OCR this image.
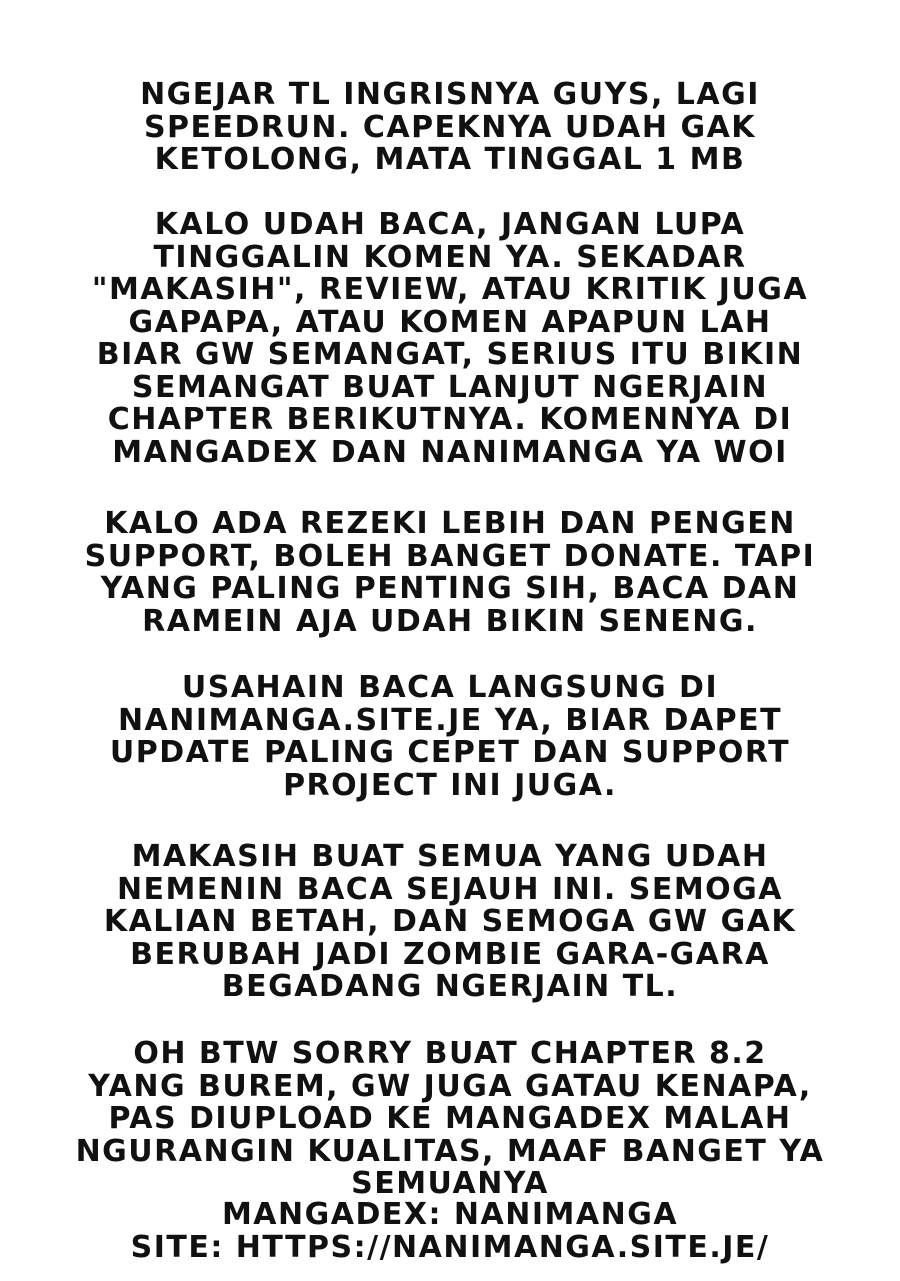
NGEJAR TL INGRISNYA GUYS, LAGI
SPEEDRUN. CAPEKNYA UDAH GAK
KETOLONG, MATA TINGGAL 1 MB

KALO UDAH BACA, JANGAN LUPA
TINGGALIN KOMEN YA. SEKADAR
"MAKASIH", REVIEW, ATAU KRITIK JUGA
GAPAPA, ATAU KOMEN APAPUN LAH
BIAR GW SEMANGAT, SERIUS ITU BIKIN
SEMANGAT BUAT LANJUT NGERJAIN
CHAPTER BERIKUTNYA. KOMENNYA DI
MANGADEX DAN NANIMANGA YA WOI

KALO ADA REZEKI LEBIH DAN PENGEN
SUPPORT, BOLEH BANGET DONATE. TAPI
YANG PALING PENTING SIH, BACA DAN
RAMEIN AJA UDAH BIKIN SENENG.

USAHAIN BACA LANGSUNG DI
NANIMANGA.SITE.JE YA, BIAR DAPET
UPDATE PALING CEPET DAN SUPPORT
PROJECT INI JUGA.

MAKASIH BUAT SEMUA YANG UDAH
NEMENIN BACA SEJAUH INI. SEMOGA
KALIAN BETAH, DAN SEMOGA GW GAK
BERUBAH JADI ZOMBIE GARA-GARA
BEGADANG NGERJAIN TL.

OH BTW SORRY BUAT CHAPTER 8.2
YANG BUREM, GW JUGA GATAU KENAPA,
PAS DIUPLOAD KE MANGADEX MALAH
NGURANGIN KUALITAS, MAAF BANGET YA
SEMUANYA

MANGADEX: NANIMANGA
SITE: HTTPS://NANIMANGA.SITE.JE/
